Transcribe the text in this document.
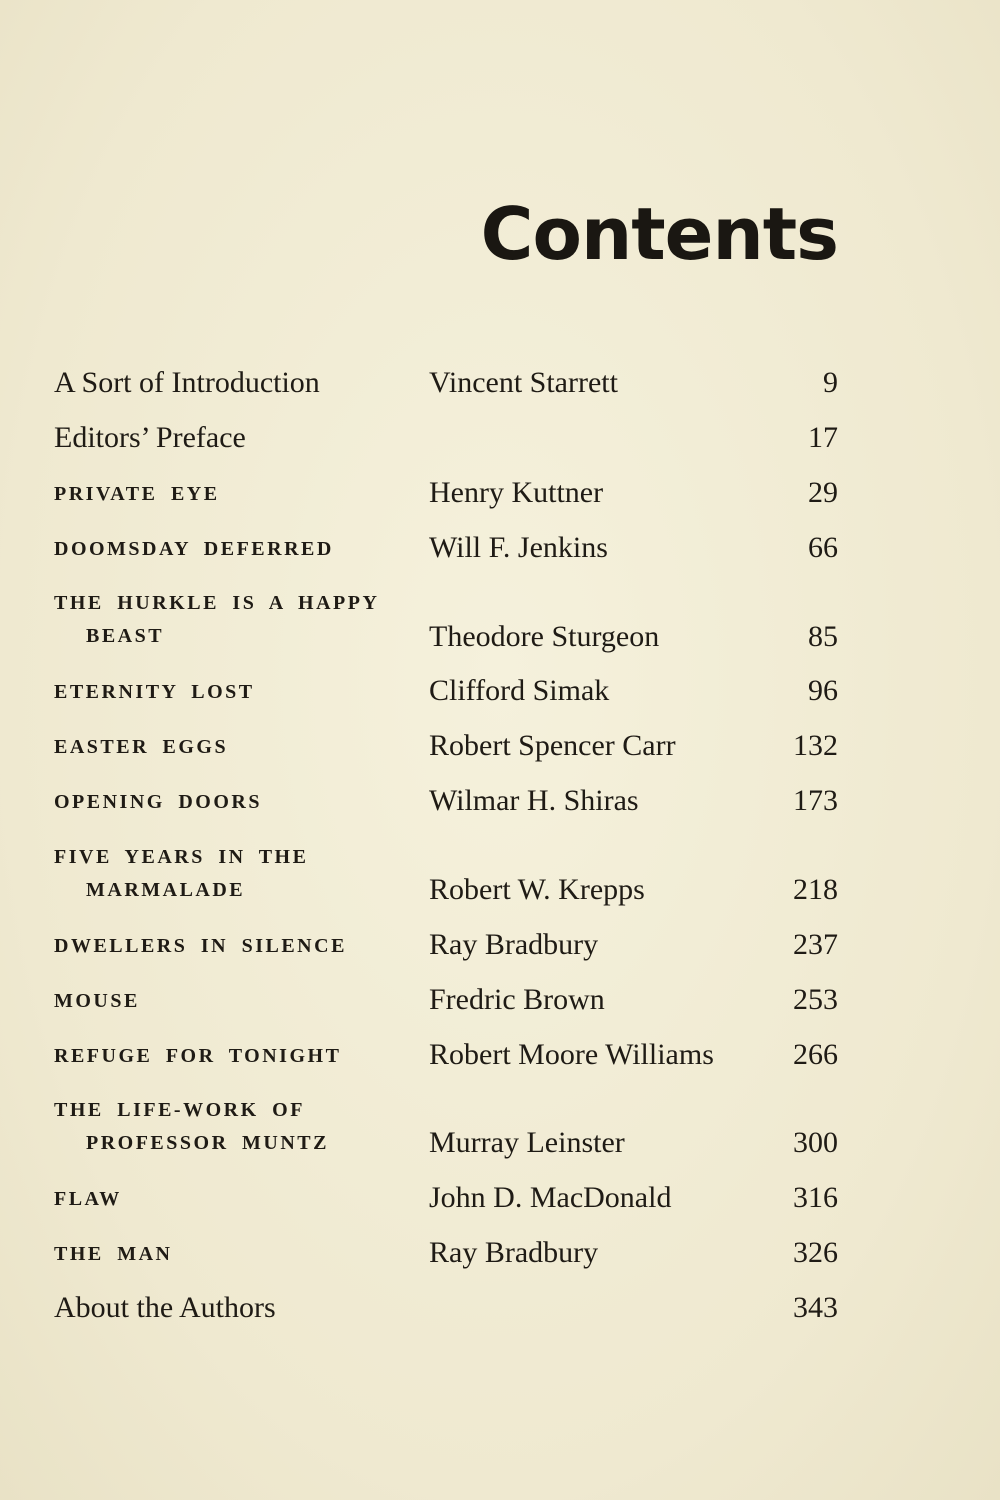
Contents
A Sort of Introduction	Vincent Starrett	9
Editors’ Preface	17
PRIVATE EYE	Henry Kuttner	29
DOOMSDAY DEFERRED	Will F. Jenkins	66
THE HURKLE IS A HAPPY
BEAST	Theodore Sturgeon	85
ETERNITY LOST	Clifford Simak	96
EASTER EGGS	Robert Spencer Carr	132
OPENING DOORS	Wilmar H. Shiras	173
FIVE YEARS IN THE
MARMALADE	Robert W. Krepps	218
DWELLERS IN SILENCE	Ray Bradbury	237
MOUSE	Fredric Brown	253
REFUGE FOR TONIGHT	Robert Moore Williams	266
THE LIFE-WORK OF
PROFESSOR MUNTZ	Murray Leinster	300
FLAW	John D. MacDonald	316
THE MAN	Ray Bradbury	326
About the Authors	343
